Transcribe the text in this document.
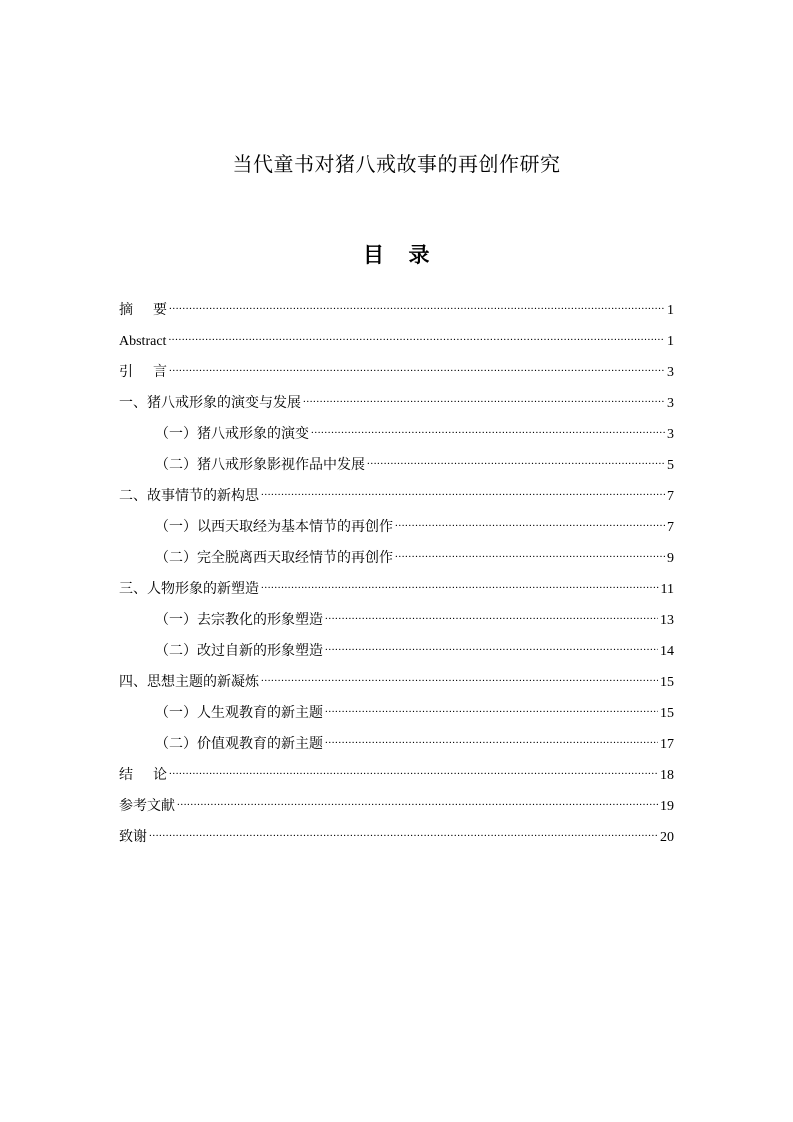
当代童书对猪八戒故事的再创作研究
目 录
摘 要 .....	1
Abstract .....	1
引 言 .....	3
一、猪八戒形象的演变与发展 .....	3
（一）猪八戒形象的演变 .....	3
（二）猪八戒形象影视作品中发展 .....	5
二、故事情节的新构思 .....	7
（一）以西天取经为基本情节的再创作 .....	7
（二）完全脱离西天取经情节的再创作 .....	9
三、人物形象的新塑造 .....	11
（一）去宗教化的形象塑造 .....	13
（二）改过自新的形象塑造 .....	14
四、思想主题的新凝炼 .....	15
（一）人生观教育的新主题 .....	15
（二）价值观教育的新主题 .....	17
结 论 .....	18
参考文献 .....	19
致谢 .....	20
